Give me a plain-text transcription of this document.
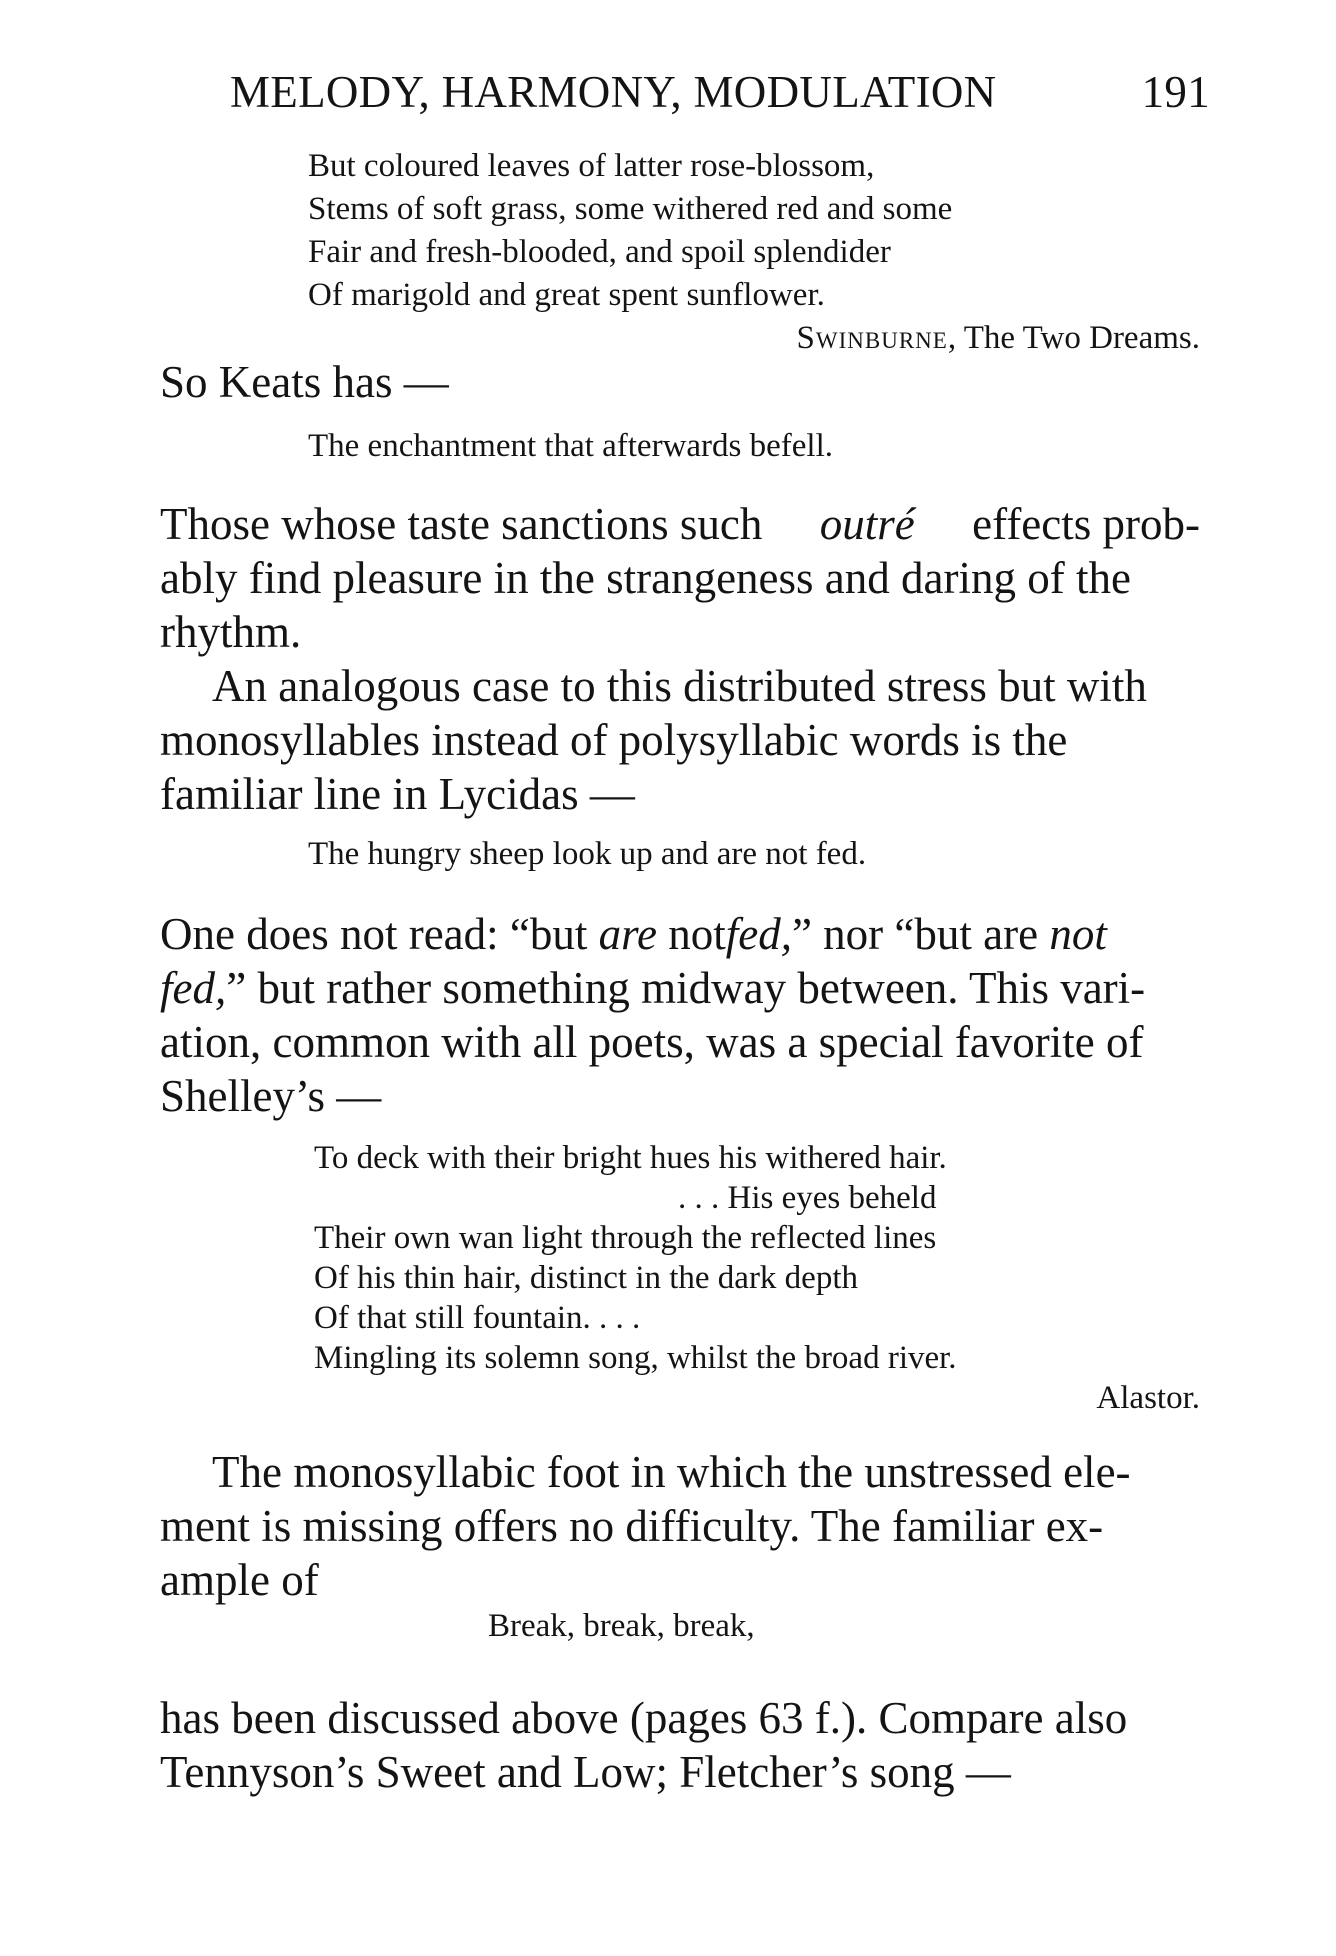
MELODY, HARMONY, MODULATION	191
But coloured leaves of latter rose-blossom,
Stems of soft grass, some withered red and some
Fair and fresh-blooded, and spoil splendider
Of marigold and great spent sunflower.
Swinburne, The Two Dreams.
So Keats has —
The enchantment that afterwards befell.
Those whose taste sanctions such outré effects prob-
ably find pleasure in the strangeness and daring of the
rhythm.
An analogous case to this distributed stress but with
monosyllables instead of polysyllabic words is the
familiar line in Lycidas —
The hungry sheep look up and are not fed.
One does not read: “but are notfed,” nor “but are not
fed,” but rather something midway between. This vari-
ation, common with all poets, was a special favorite of
Shelley’s —
To deck with their bright hues his withered hair.
. . . His eyes beheld
Their own wan light through the reflected lines
Of his thin hair, distinct in the dark depth
Of that still fountain. . . .
Mingling its solemn song, whilst the broad river.
Alastor.
The monosyllabic foot in which the unstressed ele-
ment is missing offers no difficulty. The familiar ex-
ample of
Break, break, break,
has been discussed above (pages 63 f.). Compare also
Tennyson’s Sweet and Low; Fletcher’s song —
